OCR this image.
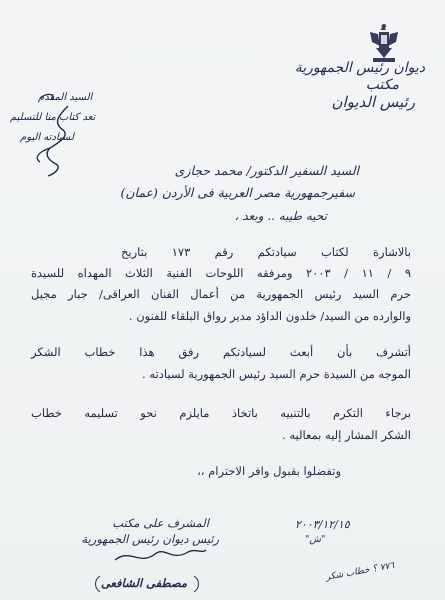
ديوان رئيس الجمهورية
مكتب
رئيس الديوان
السيد المقدم
تعد كتاب منا للتسليم
لسيادته اليوم
السيد السفير الدكتور/ محمد حجازى
سفيرجمهورية مصر العربية فى الأردن (عمان)
تحيه طيبه .. وبعد ،
بالاشارة لكتاب سيادتكم رقم ١٧٣ بتاريخ
٩ / ١١ / ٢٠٠٣ ومرفقه اللوحات الفنية الثلاث المهداه للسيدة
حرم السيد رئيس الجمهورية من أعمال الفنان العراقى/ جبار مجيل
والوارده من السيد/ خلدون الداؤد مدير رواق البلقاء للفنون .
أتشرف بأن أبعث لسيادتكم رفق هذا خطاب الشكر
الموجه من السيدة حرم السيد رئيس الجمهورية لسيادته .
برجاء التكرم بالتنبيه باتخاذ مايلزم نحو تسليمه خطاب
الشكر المشار إليه بمعاليه .
وتفضلوا بقبول وافر الاحترام ،،
المشرف على مكتب
رئيس ديوان رئيس الجمهورية
مصطفى الشافعى
٢٠٠٣/١٢/١٥
"ش"
٧٧٦ ؟ خطاب شكر
